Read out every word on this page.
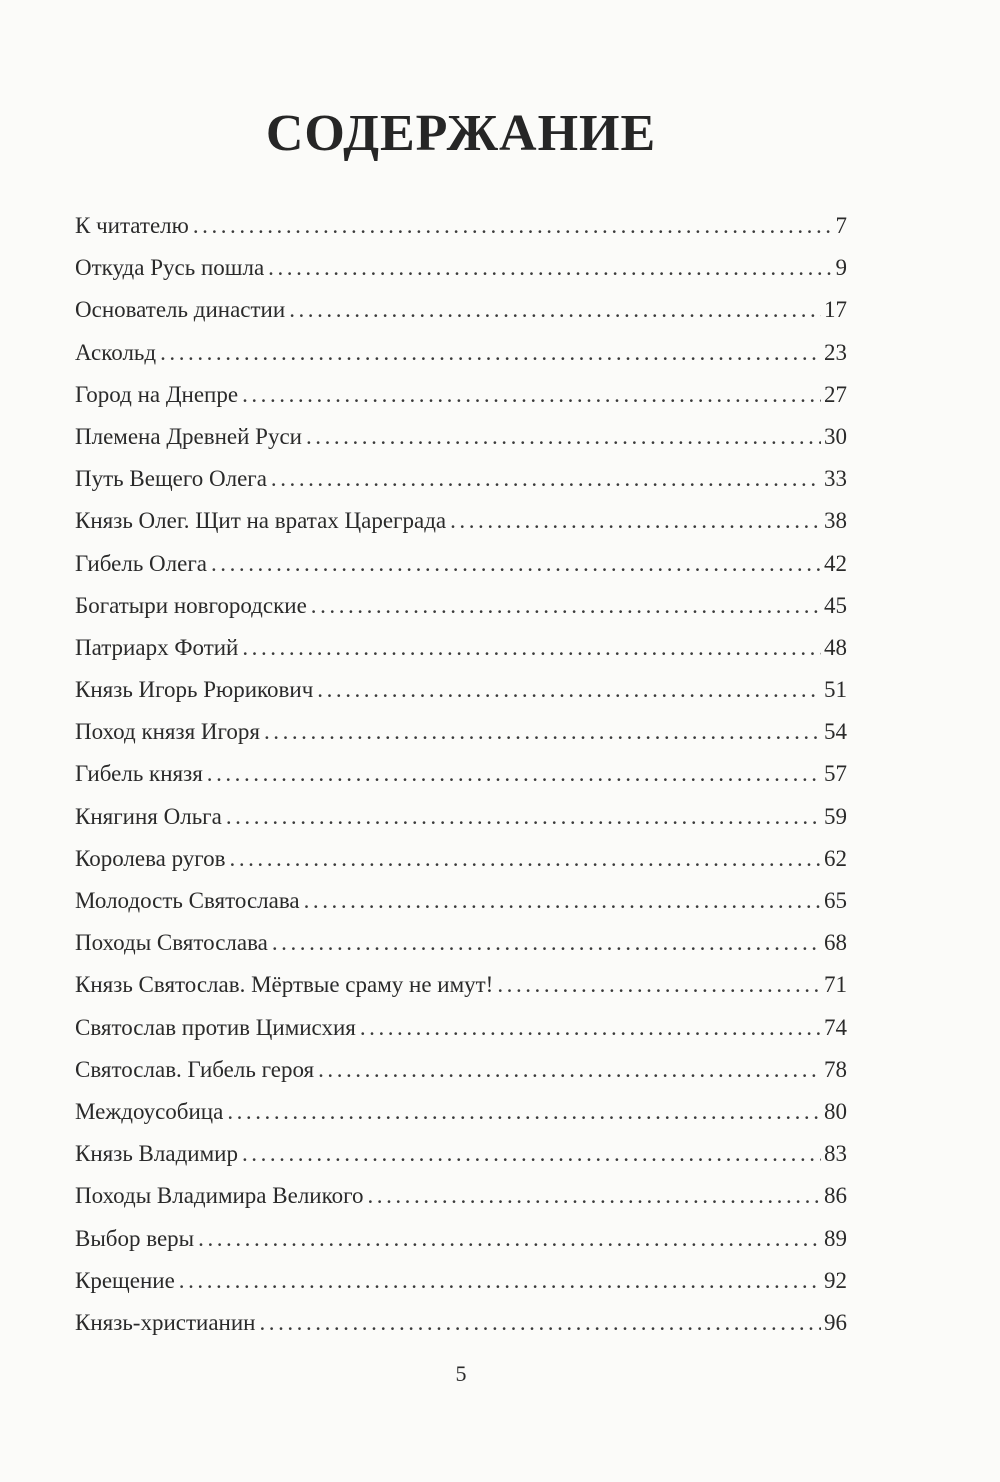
СОДЕРЖАНИЕ
К читателю . . .	7
Откуда Русь пошла . . .	9
Основатель династии . . .	17
Аскольд . . .	23
Город на Днепре . . .	27
Племена Древней Руси . . .	30
Путь Вещего Олега . . .	33
Князь Олег. Щит на вратах Цареграда . . .	38
Гибель Олега . . .	42
Богатыри новгородские . . .	45
Патриарх Фотий . . .	48
Князь Игорь Рюрикович . . .	51
Поход князя Игоря . . .	54
Гибель князя . . .	57
Княгиня Ольга . . .	59
Королева ругов . . .	62
Молодость Святослава . . .	65
Походы Святослава . . .	68
Князь Святослав. Мёртвые сраму не имут! . . .	71
Святослав против Цимисхия . . .	74
Святослав. Гибель героя . . .	78
Междоусобица . . .	80
Князь Владимир . . .	83
Походы Владимира Великого . . .	86
Выбор веры . . .	89
Крещение . . .	92
Князь-христианин . . .	96
5
